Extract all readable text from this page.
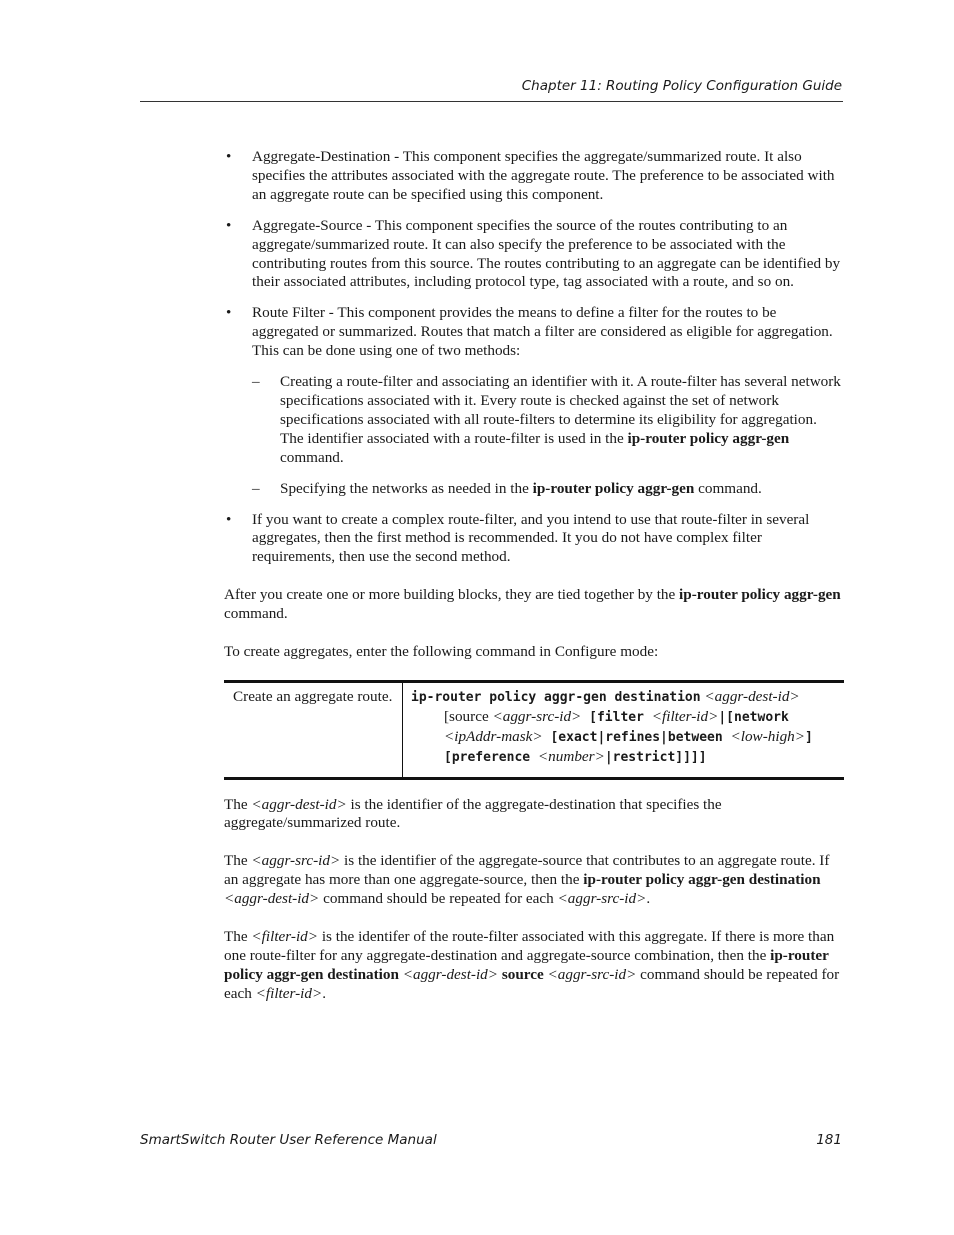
Chapter 11: Routing Policy Configuration Guide
• Aggregate-Destination - This component specifies the aggregate/summarized route. It also specifies the attributes associated with the aggregate route. The preference to be associated with an aggregate route can be specified using this component.
• Aggregate-Source - This component specifies the source of the routes contributing to an aggregate/summarized route. It can also specify the preference to be associated with the contributing routes from this source. The routes contributing to an aggregate can be identified by their associated attributes, including protocol type, tag associated with a route, and so on.
• Route Filter - This component provides the means to define a filter for the routes to be aggregated or summarized. Routes that match a filter are considered as eligible for aggregation. This can be done using one of two methods:
– Creating a route-filter and associating an identifier with it. A route-filter has several network specifications associated with it. Every route is checked against the set of network specifications associated with all route-filters to determine its eligibility for aggregation. The identifier associated with a route-filter is used in the ip-router policy aggr-gen command.
– Specifying the networks as needed in the ip-router policy aggr-gen command.
• If you want to create a complex route-filter, and you intend to use that route-filter in several aggregates, then the first method is recommended. It you do not have complex filter requirements, then use the second method.

After you create one or more building blocks, they are tied together by the ip-router policy aggr-gen command.

To create aggregates, enter the following command in Configure mode:

Create an aggregate route.	ip-router policy aggr-gen destination <aggr-dest-id>
[source <aggr-src-id> [filter <filter-id>|[network
<ipAddr-mask> [exact|refines|between <low-high>]
[preference <number>|restrict]]]]

The <aggr-dest-id> is the identifier of the aggregate-destination that specifies the aggregate/summarized route.

The <aggr-src-id> is the identifier of the aggregate-source that contributes to an aggregate route. If an aggregate has more than one aggregate-source, then the ip-router policy aggr-gen destination <aggr-dest-id> command should be repeated for each <aggr-src-id>.

The <filter-id> is the identifer of the route-filter associated with this aggregate. If there is more than one route-filter for any aggregate-destination and aggregate-source combination, then the ip-router policy aggr-gen destination <aggr-dest-id> source <aggr-src-id> command should be repeated for each <filter-id>.

SmartSwitch Router User Reference Manual	181
